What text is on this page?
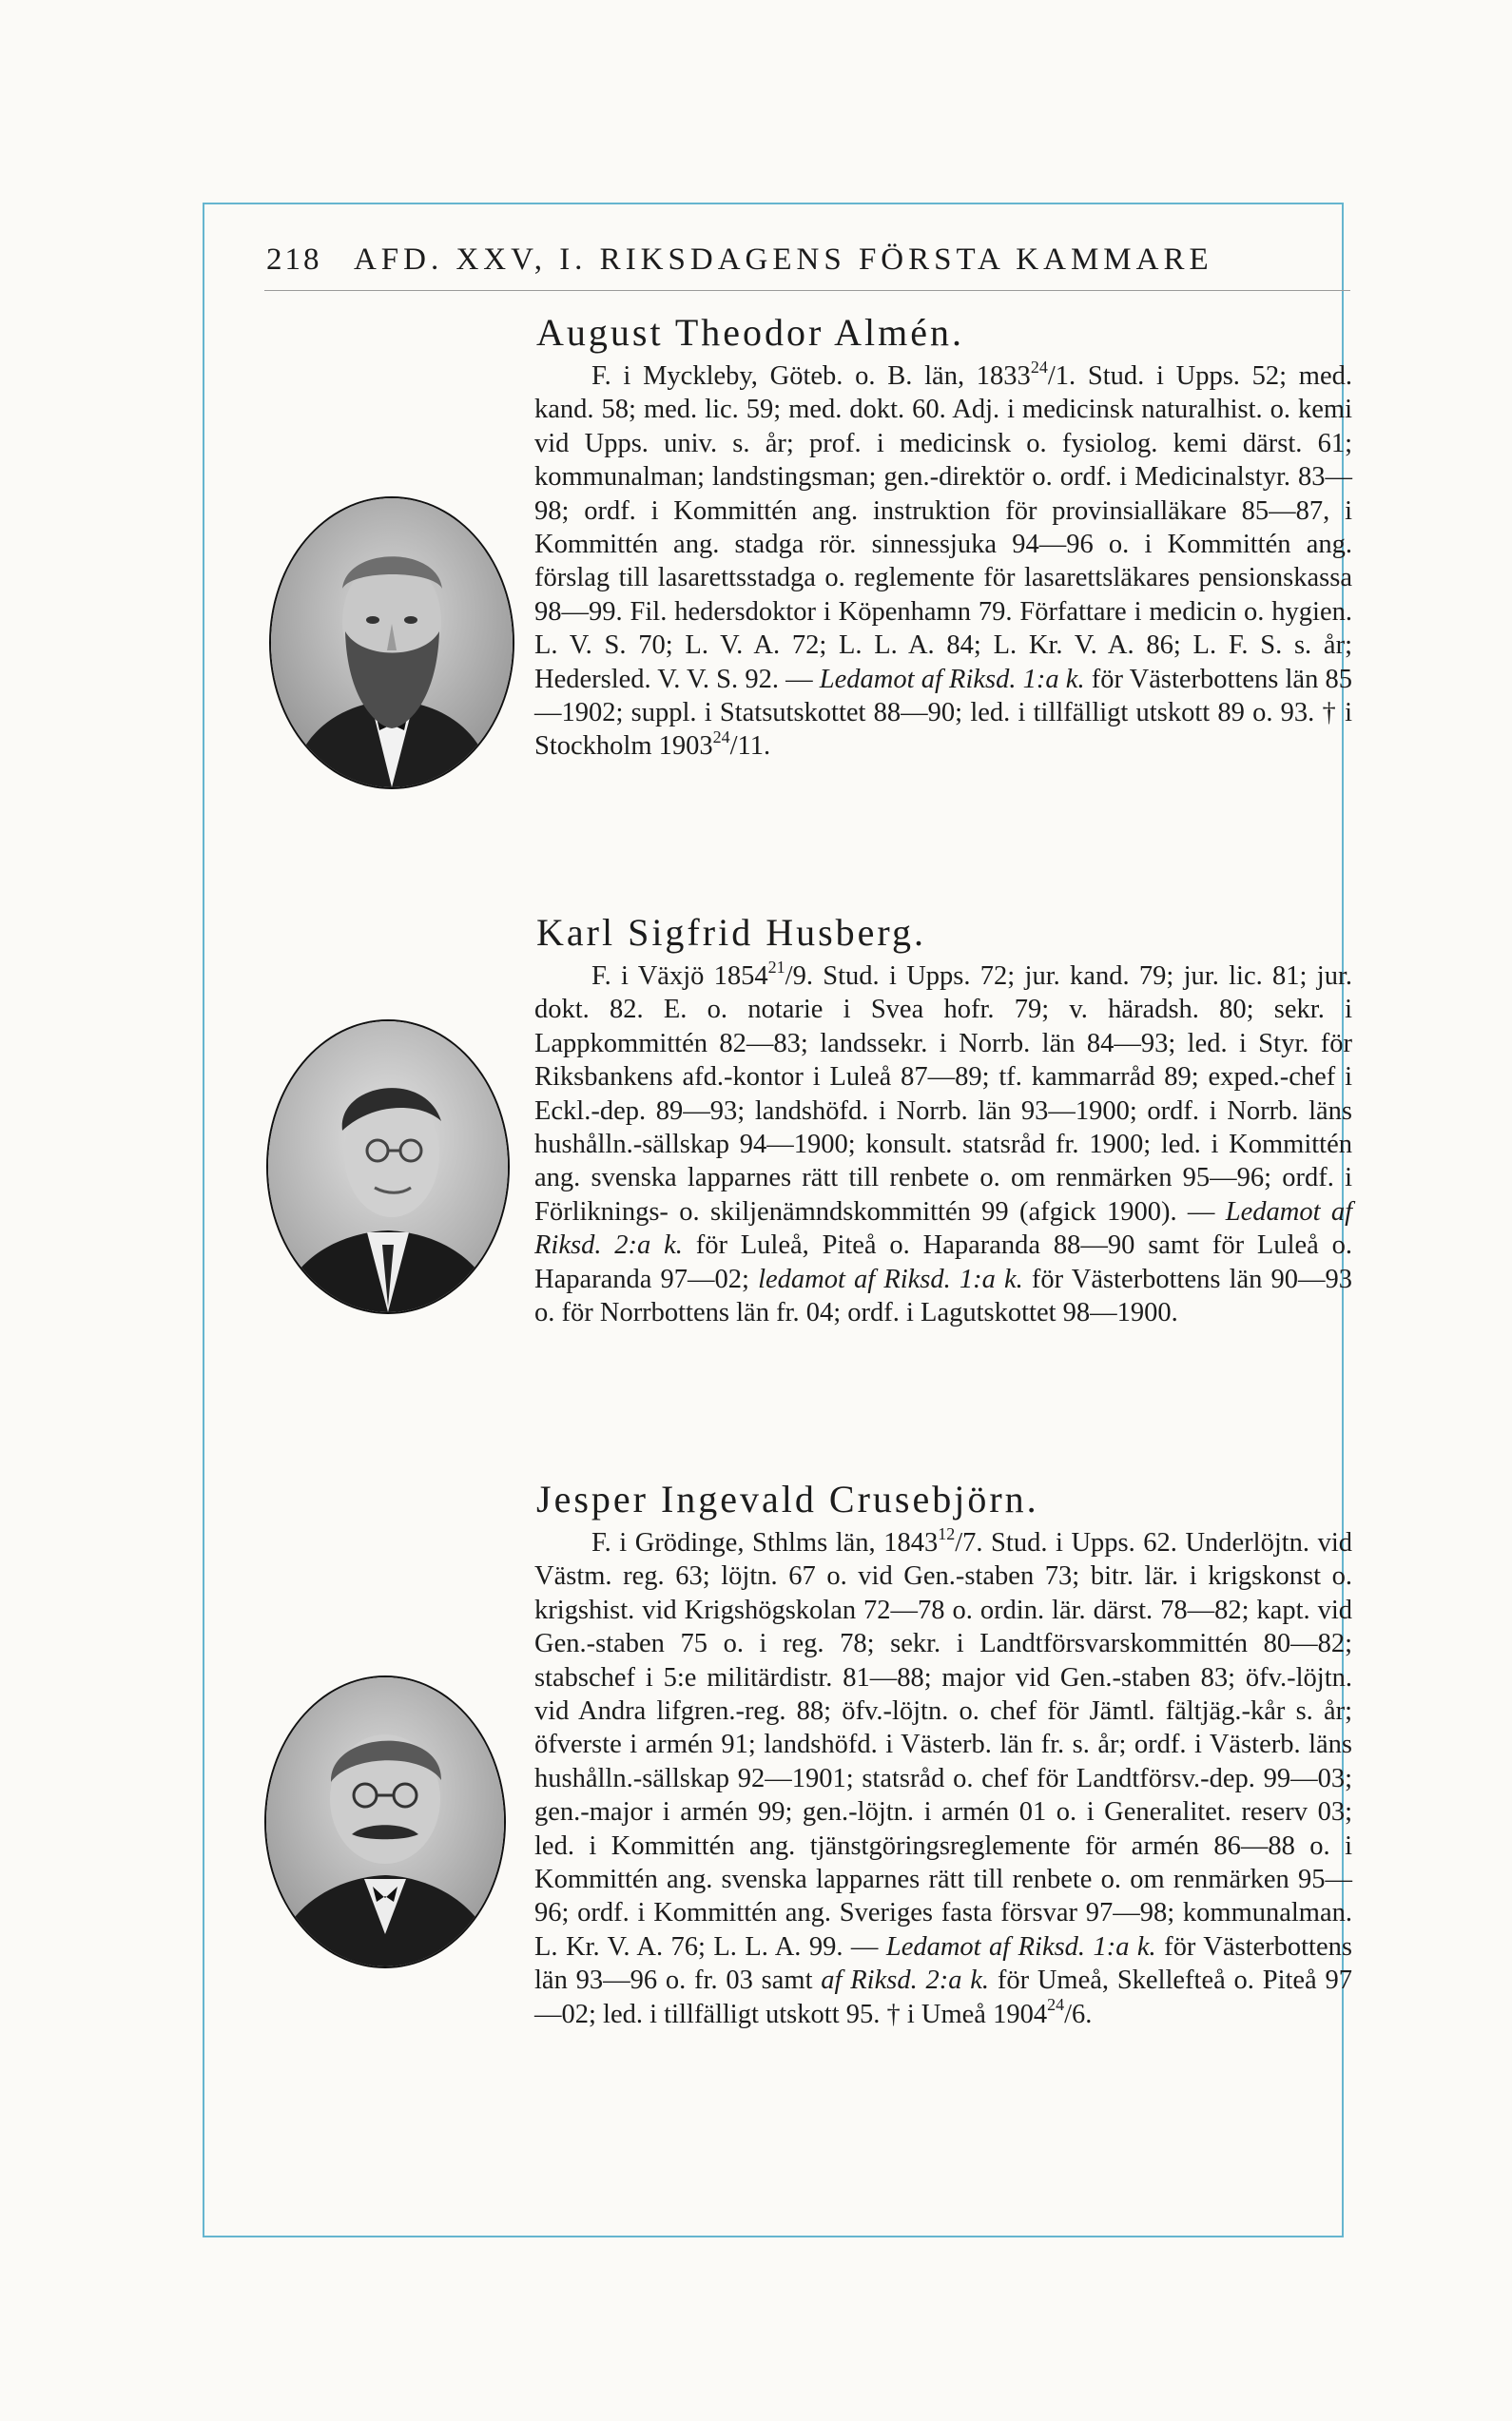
218 AFD. XXV, I. RIKSDAGENS FÖRSTA KAMMARE
August Theodor Almén.

F. i Myckleby, Göteb. o. B. län, 1833$^{24}$/1. Stud. i Upps. 52; med. kand. 58; med. lic. 59; med. dokt. 60. Adj. i medicinsk naturalhist. o. kemi vid Upps. univ. s. år; prof. i medicinsk o. fysiolog. kemi därst. 61; kommunalman; landstingsman; gen.-direktör o. ordf. i Medicinalstyr. 83—98; ordf. i Kommittén ang. instruktion för provinsialläkare 85—87, i Kommittén ang. stadga rör. sinnessjuka 94—96 o. i Kommittén ang. förslag till lasarettsstadga o. reglemente för lasarettsläkares pensionskassa 98—99. Fil. hedersdoktor i Köpenhamn 79. Författare i medicin o. hygien. L. V. S. 70; L. V. A. 72; L. L. A. 84; L. Kr. V. A. 86; L. F. S. s. år; Hedersled. V. V. S. 92. — Ledamot af Riksd. 1:a k. för Västerbottens län 85—1902; suppl. i Statsutskottet 88—90; led. i tillfälligt utskott 89 o. 93. † i Stockholm 1903$^{24}$/11.

Karl Sigfrid Husberg.

F. i Växjö 1854$^{21}$/9. Stud. i Upps. 72; jur. kand. 79; jur. lic. 81; jur. dokt. 82. E. o. notarie i Svea hofr. 79; v. häradsh. 80; sekr. i Lappkommittén 82—83; landssekr. i Norrb. län 84—93; led. i Styr. för Riksbankens afd.-kontor i Luleå 87—89; tf. kammarråd 89; exped.-chef i Eckl.-dep. 89—93; landshöfd. i Norrb. län 93—1900; ordf. i Norrb. läns hushålln.-sällskap 94—1900; konsult. statsråd fr. 1900; led. i Kommittén ang. svenska lapparnes rätt till renbete o. om renmärken 95—96; ordf. i Förliknings- o. skiljenämndskommittén 99 (afgick 1900). — Ledamot af Riksd. 2:a k. för Luleå, Piteå o. Haparanda 88—90 samt för Luleå o. Haparanda 97—02; ledamot af Riksd. 1:a k. för Västerbottens län 90—93 o. för Norrbottens län fr. 04; ordf. i Lagutskottet 98—1900.

Jesper Ingevald Crusebjörn.

F. i Grödinge, Sthlms län, 1843$^{12}$/7. Stud. i Upps. 62. Underlöjtn. vid Västm. reg. 63; löjtn. 67 o. vid Gen.-staben 73; bitr. lär. i krigskonst o. krigshist. vid Krigshögskolan 72—78 o. ordin. lär. därst. 78—82; kapt. vid Gen.-staben 75 o. i reg. 78; sekr. i Landtförsvarskommittén 80—82; stabschef i 5:e militärdistr. 81—88; major vid Gen.-staben 83; öfv.-löjtn. vid Andra lifgren.-reg. 88; öfv.-löjtn. o. chef för Jämtl. fältjäg.-kår s. år; öfverste i armén 91; landshöfd. i Västerb. län fr. s. år; ordf. i Västerb. läns hushålln.-sällskap 92—1901; statsråd o. chef för Landtförsv.-dep. 99—03; gen.-major i armén 99; gen.-löjtn. i armén 01 o. i Generalitet. reserv 03; led. i Kommittén ang. tjänstgöringsreglemente för armén 86—88 o. i Kommittén ang. svenska lapparnes rätt till renbete o. om renmärken 95—96; ordf. i Kommittén ang. Sveriges fasta försvar 97—98; kommunalman. L. Kr. V. A. 76; L. L. A. 99. — Ledamot af Riksd. 1:a k. för Västerbottens län 93—96 o. fr. 03 samt af Riksd. 2:a k. för Umeå, Skellefteå o. Piteå 97—02; led. i tillfälligt utskott 95. † i Umeå 1904$^{24}$/6.
